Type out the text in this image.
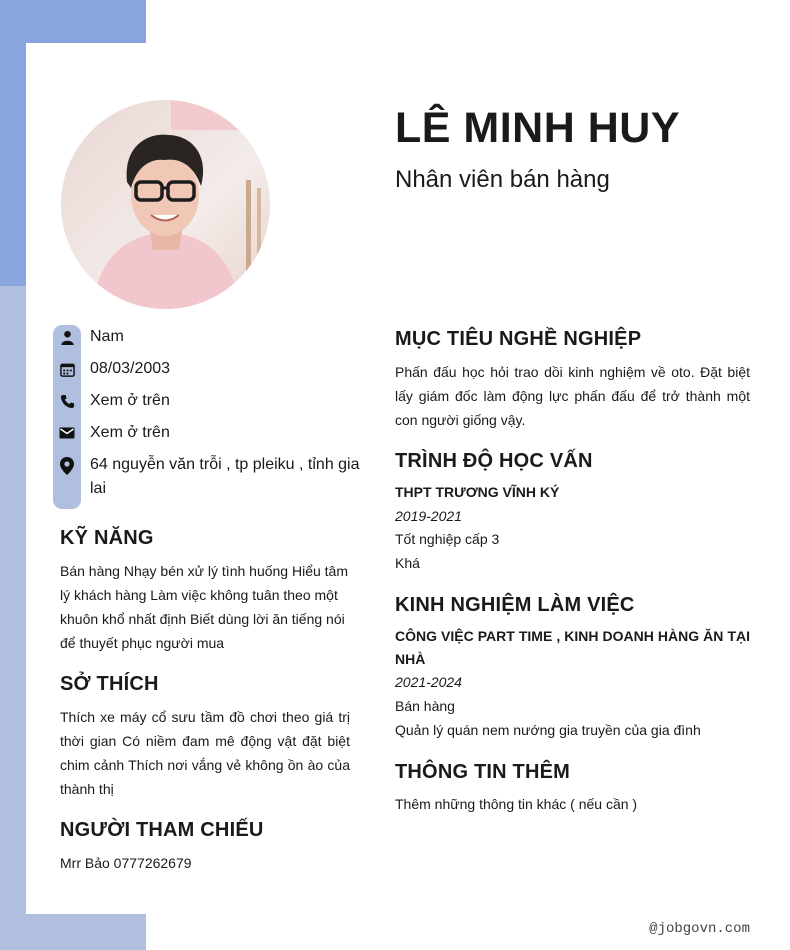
LÊ MINH HUY

Nhân viên bán hàng

Nam

08/03/2003

Xem ở trên

Xem ở trên

64 nguyễn văn trỗi , tp pleiku , tỉnh gia lai

KỸ NĂNG

Bán hàng Nhạy bén xử lý tình huống Hiểu tâm lý khách hàng Làm việc không tuân theo một khuôn khổ nhất định Biết dùng lời ăn tiếng nói để thuyết phục người mua

SỞ THÍCH

Thích xe máy cổ sưu tầm đồ chơi theo giá trị thời gian Có niềm đam mê động vật đặt biệt chim cảnh Thích nơi vắng vẻ không ồn ào của thành thị

NGƯỜI THAM CHIẾU

Mrr Bảo 0777262679

MỤC TIÊU NGHỀ NGHIỆP

Phấn đấu học hỏi trao dồi kinh nghiệm về oto. Đặt biệt lấy giám đốc làm động lực phấn đấu để trở thành một con người giống vậy.

TRÌNH ĐỘ HỌC VẤN

THPT TRƯƠNG VĨNH KÝ

2019-2021

Tốt nghiệp cấp 3

Khá

KINH NGHIỆM LÀM VIỆC

CÔNG VIỆC PART TIME , KINH DOANH HÀNG ĂN TẠI NHÀ

2021-2024

Bán hàng

Quản lý quán nem nướng gia truyền của gia đình

THÔNG TIN THÊM

Thêm những thông tin khác ( nếu cần )

@jobgovn.com
